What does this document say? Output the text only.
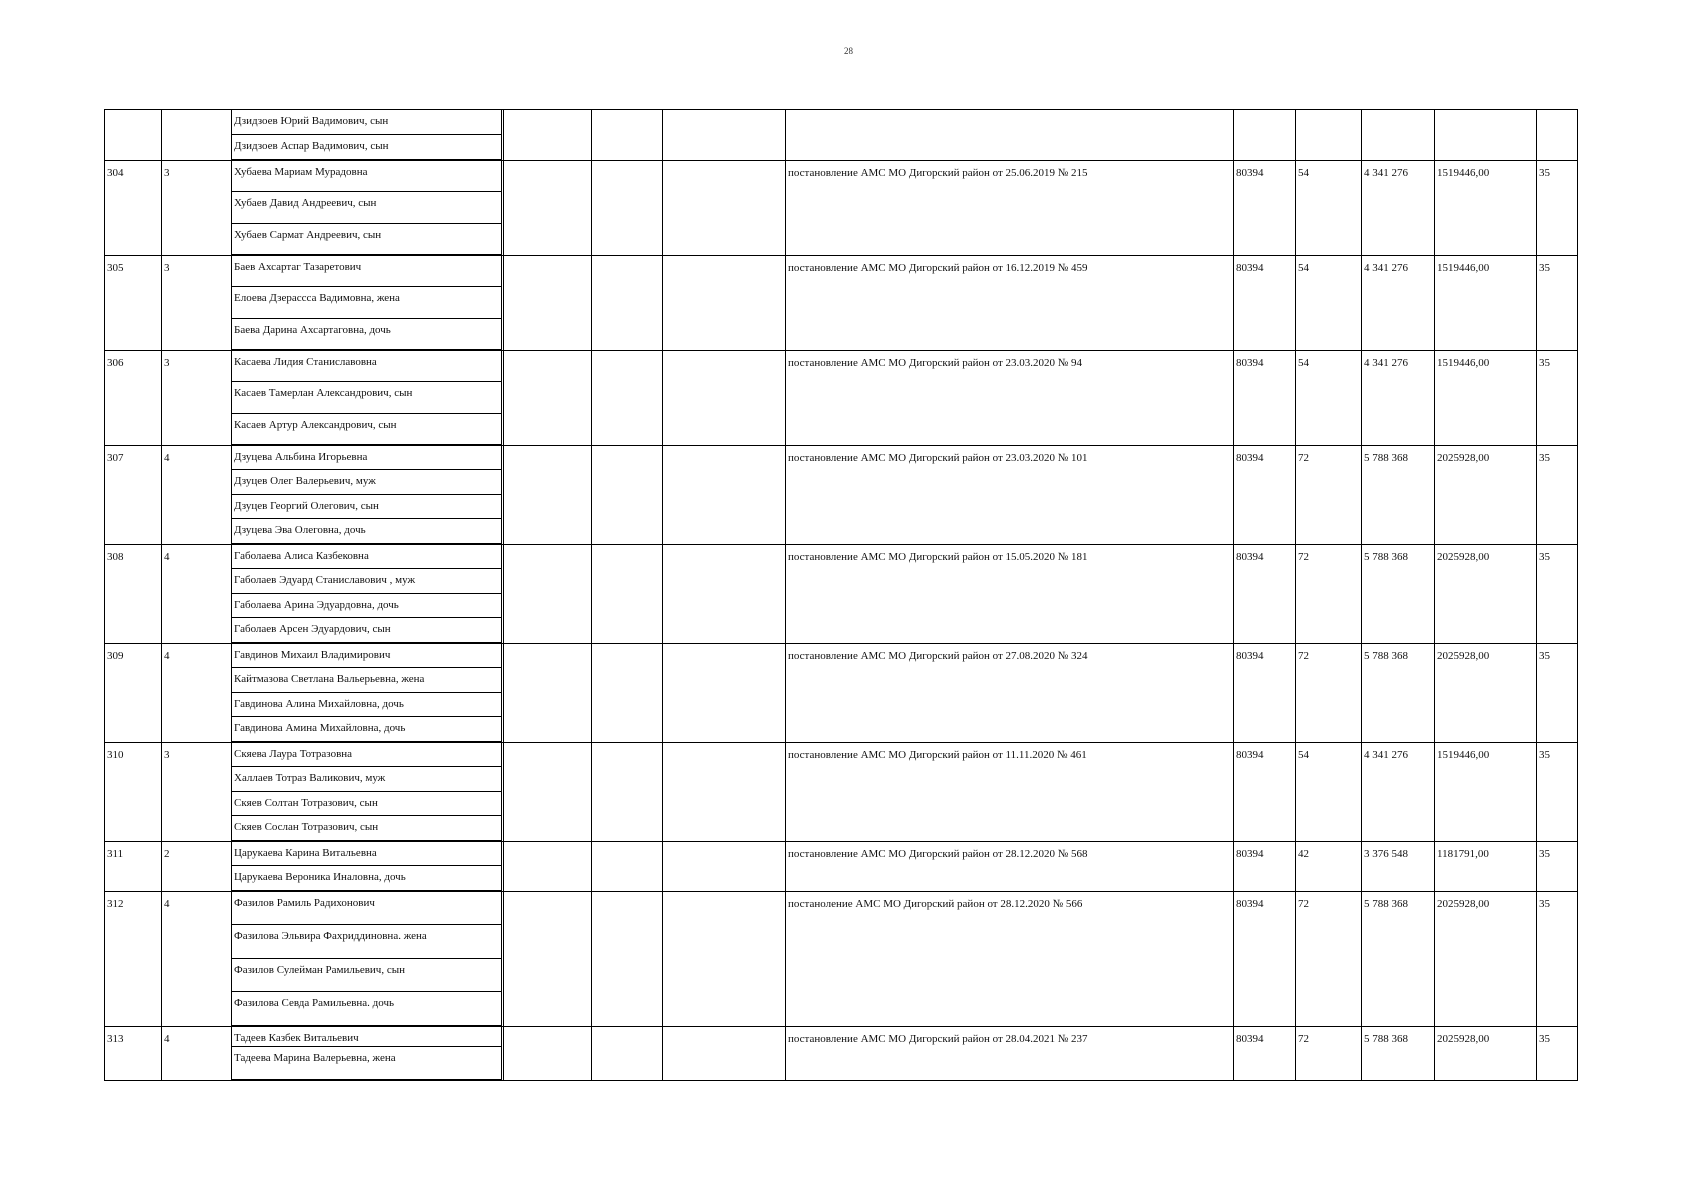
28

		Дзидзоев Юрий Вадимович, сын
Дзидзоев Аспар Вадимович, сын									

304	3	Хубаева Мариам Мурадовна
Хубаев Давид Андреевич, сын
Хубаев Сармат Андреевич, сын				постановление АМС МО Дигорский район от 25.06.2019 № 215	80394	54	4 341 276	1519446,00	35

305	3	Баев Ахсартаг Тазаретович
Елоева Дзерассса Вадимовна, жена
Баева Дарина Ахсартаговна, дочь				постановление АМС МО Дигорский район от 16.12.2019 № 459	80394	54	4 341 276	1519446,00	35

306	3	Касаева Лидия Станиславовна
Касаев Тамерлан Александрович, сын
Касаев Артур Александрович, сын				постановление АМС МО Дигорский район от 23.03.2020 № 94	80394	54	4 341 276	1519446,00	35

307	4	Дзуцева Альбина Игорьевна
Дзуцев Олег Валерьевич, муж
Дзуцев Георгий Олегович, сын
Дзуцева Эва Олеговна, дочь				постановление АМС МО Дигорский район от 23.03.2020 № 101	80394	72	5 788 368	2025928,00	35

308	4	Габолаева Алиса Казбековна
Габолаев Эдуард Станиславович , муж
Габолаева Арина Эдуардовна, дочь
Габолаев Арсен Эдуардович, сын				постановление АМС МО Дигорский район от 15.05.2020 № 181	80394	72	5 788 368	2025928,00	35

309	4	Гавдинов Михаил Владимирович
Кайтмазова Светлана Вальерьевна, жена
Гавдинова Алина Михайловна, дочь
Гавдинова Амина Михайловна, дочь				постановление АМС МО Дигорский район от 27.08.2020 № 324	80394	72	5 788 368	2025928,00	35

310	3	Скяева Лаура Тотразовна
Халлаев Тотраз Валикович, муж
Скяев Солтан Тотразович, сын
Скяев Сослан Тотразович, сын				постановление АМС МО Дигорский район от 11.11.2020 № 461	80394	54	4 341 276	1519446,00	35

311	2	Царукаева Карина Витальевна
Царукаева Вероника Иналовна, дочь				постановление АМС МО Дигорский район от 28.12.2020 № 568	80394	42	3 376 548	1181791,00	35

312	4	Фазилов Рамиль Радихонович
Фазилова Эльвира Фахриддиновна. жена
Фазилов Сулейман Рамильевич, сын
Фазилова Севда Рамильевна. дочь				постаноление АМС МО Дигорский район от 28.12.2020 № 566	80394	72	5 788 368	2025928,00	35

313	4	Тадеев Казбек Витальевич
Тадеева Марина Валерьевна, жена				постановление АМС МО Дигорский район от 28.04.2021 № 237	80394	72	5 788 368	2025928,00	35
